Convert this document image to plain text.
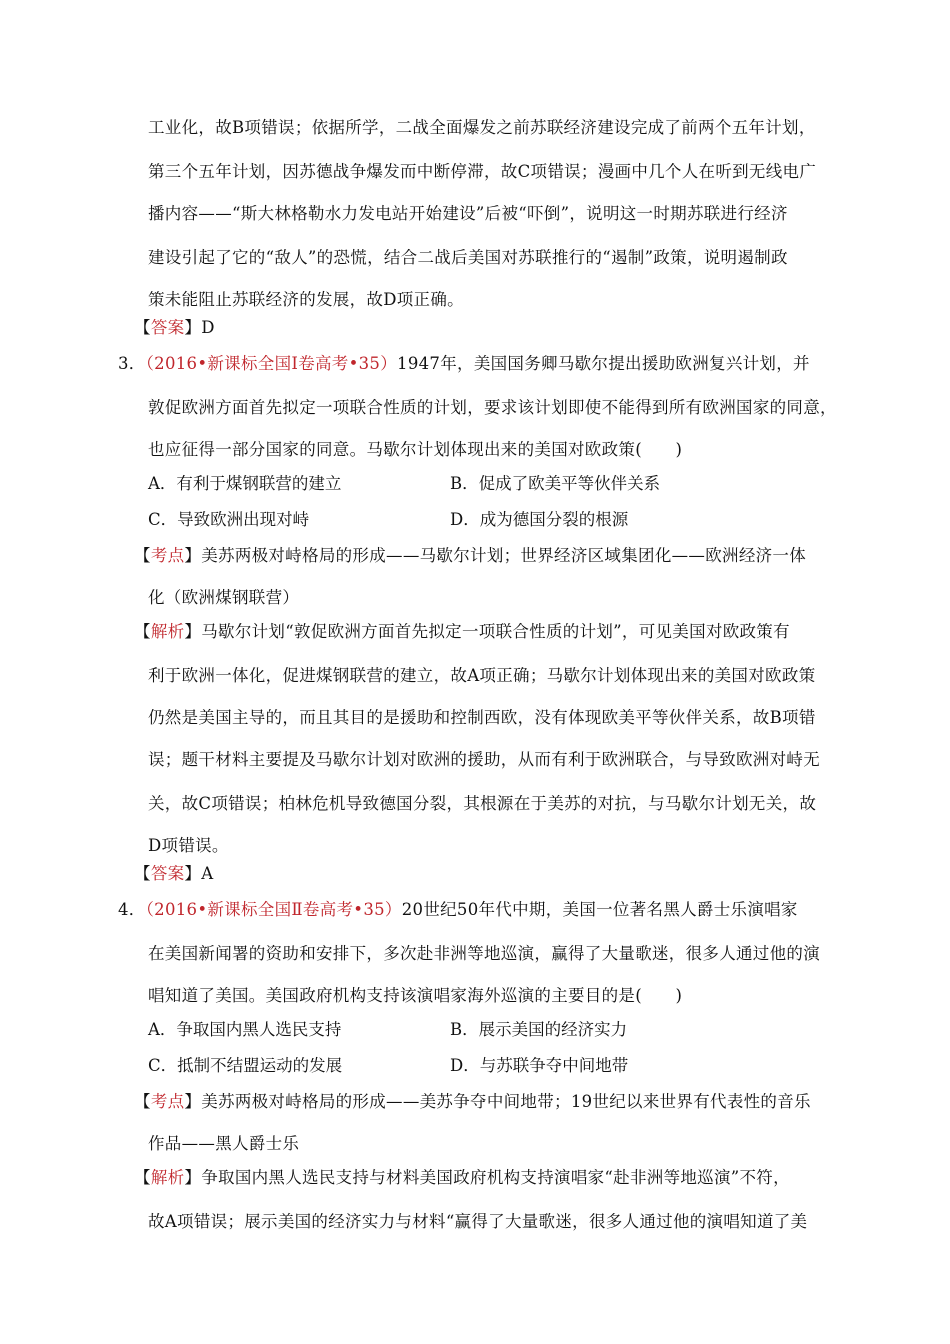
工业化，故B项错误；依据所学，二战全面爆发之前苏联经济建设完成了前两个五年计划，
第三个五年计划，因苏德战争爆发而中断停滞，故C项错误；漫画中几个人在听到无线电广
播内容——“斯大林格勒水力发电站开始建设”后被“吓倒”，说明这一时期苏联进行经济
建设引起了它的“敌人”的恐慌，结合二战后美国对苏联推行的“遏制”政策，说明遏制政
策未能阻止苏联经济的发展，故D项正确。
【答案】D
3．（2016•新课标全国Ⅰ卷高考•35）1947年，美国国务卿马歇尔提出援助欧洲复兴计划，并
敦促欧洲方面首先拟定一项联合性质的计划，要求该计划即使不能得到所有欧洲国家的同意，
也应征得一部分国家的同意。马歇尔计划体现出来的美国对欧政策(　　)
A．有利于煤钢联营的建立	B．促成了欧美平等伙伴关系
C．导致欧洲出现对峙	D．成为德国分裂的根源
【考点】美苏两极对峙格局的形成——马歇尔计划；世界经济区域集团化——欧洲经济一体
化（欧洲煤钢联营）
【解析】马歇尔计划“敦促欧洲方面首先拟定一项联合性质的计划”，可见美国对欧政策有
利于欧洲一体化，促进煤钢联营的建立，故A项正确；马歇尔计划体现出来的美国对欧政策
仍然是美国主导的，而且其目的是援助和控制西欧，没有体现欧美平等伙伴关系，故B项错
误；题干材料主要提及马歇尔计划对欧洲的援助，从而有利于欧洲联合，与导致欧洲对峙无
关，故C项错误；柏林危机导致德国分裂，其根源在于美苏的对抗，与马歇尔计划无关，故
D项错误。
【答案】A
4．（2016•新课标全国Ⅱ卷高考•35）20世纪50年代中期，美国一位著名黑人爵士乐演唱家
在美国新闻署的资助和安排下，多次赴非洲等地巡演，赢得了大量歌迷，很多人通过他的演
唱知道了美国。美国政府机构支持该演唱家海外巡演的主要目的是(　　)
A．争取国内黑人选民支持	B．展示美国的经济实力
C．抵制不结盟运动的发展	D．与苏联争夺中间地带
【考点】美苏两极对峙格局的形成——美苏争夺中间地带；19世纪以来世界有代表性的音乐
作品——黑人爵士乐
【解析】争取国内黑人选民支持与材料美国政府机构支持演唱家“赴非洲等地巡演”不符，
故A项错误；展示美国的经济实力与材料“赢得了大量歌迷，很多人通过他的演唱知道了美
